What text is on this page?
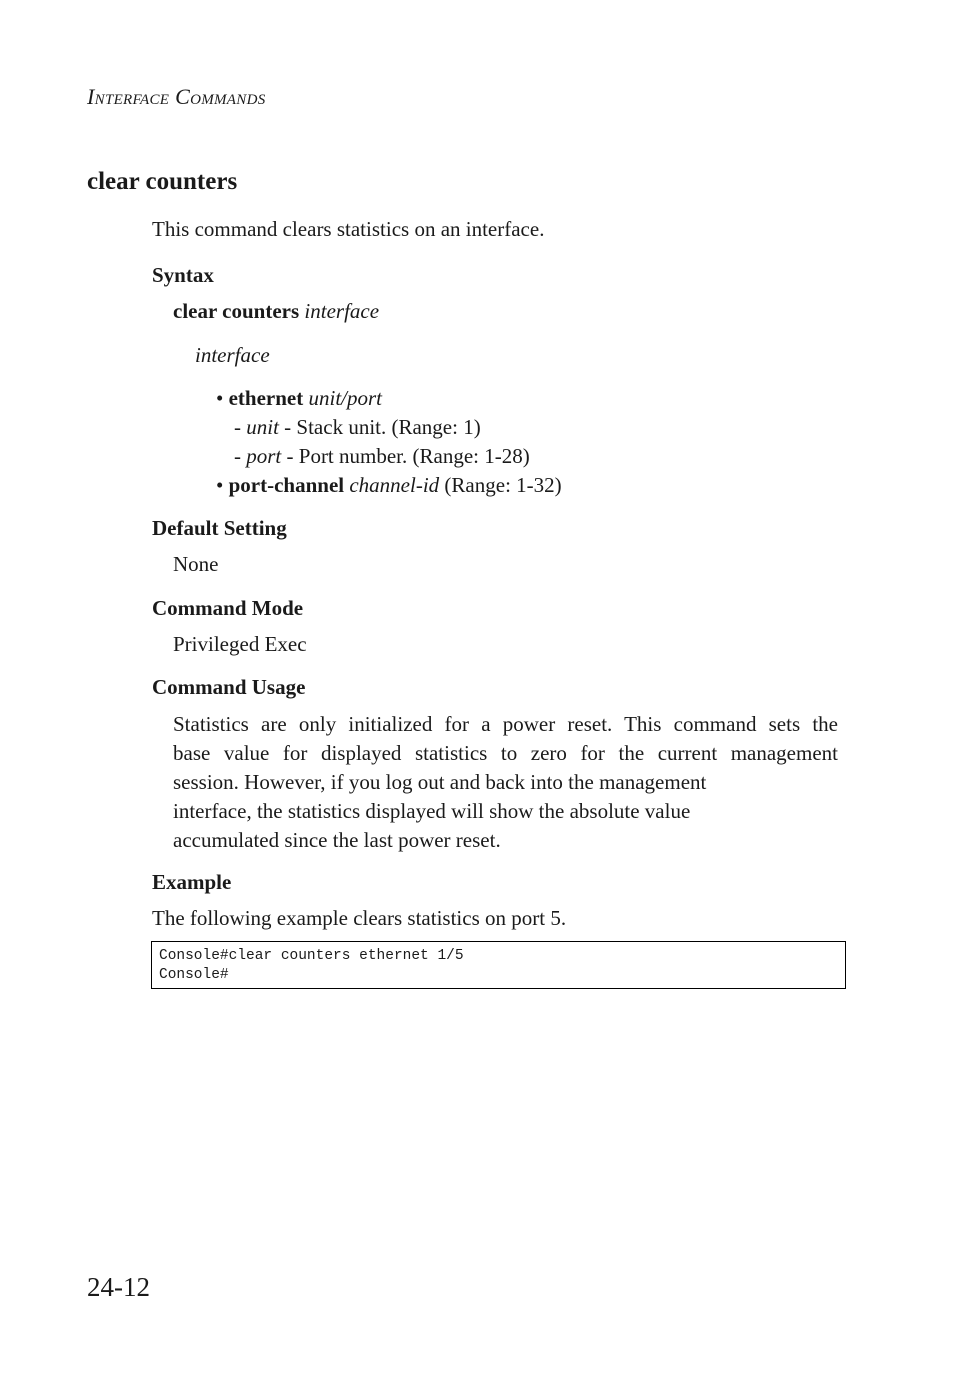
INTERFACE COMMANDS
clear counters
This command clears statistics on an interface.
Syntax
clear counters interface
interface
• ethernet unit/port
- unit - Stack unit. (Range: 1)
- port - Port number. (Range: 1-28)
• port-channel channel-id (Range: 1-32)
Default Setting
None
Command Mode
Privileged Exec
Command Usage
Statistics are only initialized for a power reset. This command sets the
base value for displayed statistics to zero for the current management
session. However, if you log out and back into the management
interface, the statistics displayed will show the absolute value
accumulated since the last power reset.
Example
The following example clears statistics on port 5.
Console#clear counters ethernet 1/5
Console#
24-12
